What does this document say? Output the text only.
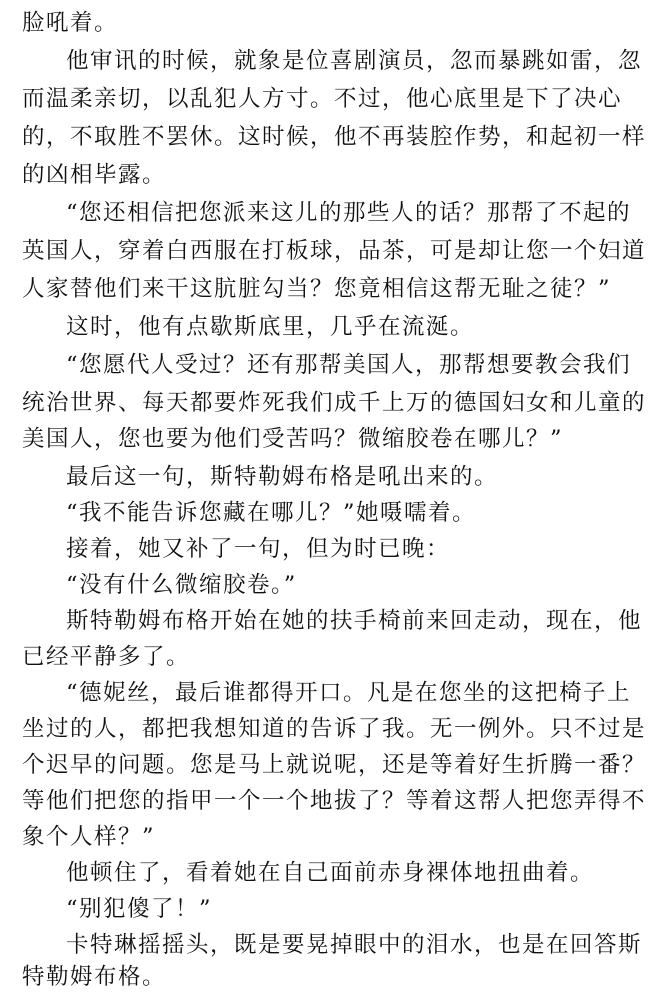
脸吼着。
他审讯的时候，就象是位喜剧演员，忽而暴跳如雷，忽
而温柔亲切，以乱犯人方寸。不过，他心底里是下了决心
的，不取胜不罢休。这时候，他不再装腔作势，和起初一样
的凶相毕露。
“您还相信把您派来这儿的那些人的话？那帮了不起的
英国人，穿着白西服在打板球，品茶，可是却让您一个妇道
人家替他们来干这肮脏勾当？您竟相信这帮无耻之徒？”
这时，他有点歇斯底里，几乎在流涎。
“您愿代人受过？还有那帮美国人，那帮想要教会我们
统治世界、每天都要炸死我们成千上万的德国妇女和儿童的
美国人，您也要为他们受苦吗？微缩胶卷在哪儿？”
最后这一句，斯特勒姆布格是吼出来的。
“我不能告诉您藏在哪儿？”她嗫嚅着。
接着，她又补了一句，但为时已晚：
“没有什么微缩胶卷。”
斯特勒姆布格开始在她的扶手椅前来回走动，现在，他
已经平静多了。
“德妮丝，最后谁都得开口。凡是在您坐的这把椅子上
坐过的人，都把我想知道的告诉了我。无一例外。只不过是
个迟早的问题。您是马上就说呢，还是等着好生折腾一番？
等他们把您的指甲一个一个地拔了？等着这帮人把您弄得不
象个人样？”
他顿住了，看着她在自己面前赤身裸体地扭曲着。
“别犯傻了！”
卡特琳摇摇头，既是要晃掉眼中的泪水，也是在回答斯
特勒姆布格。
